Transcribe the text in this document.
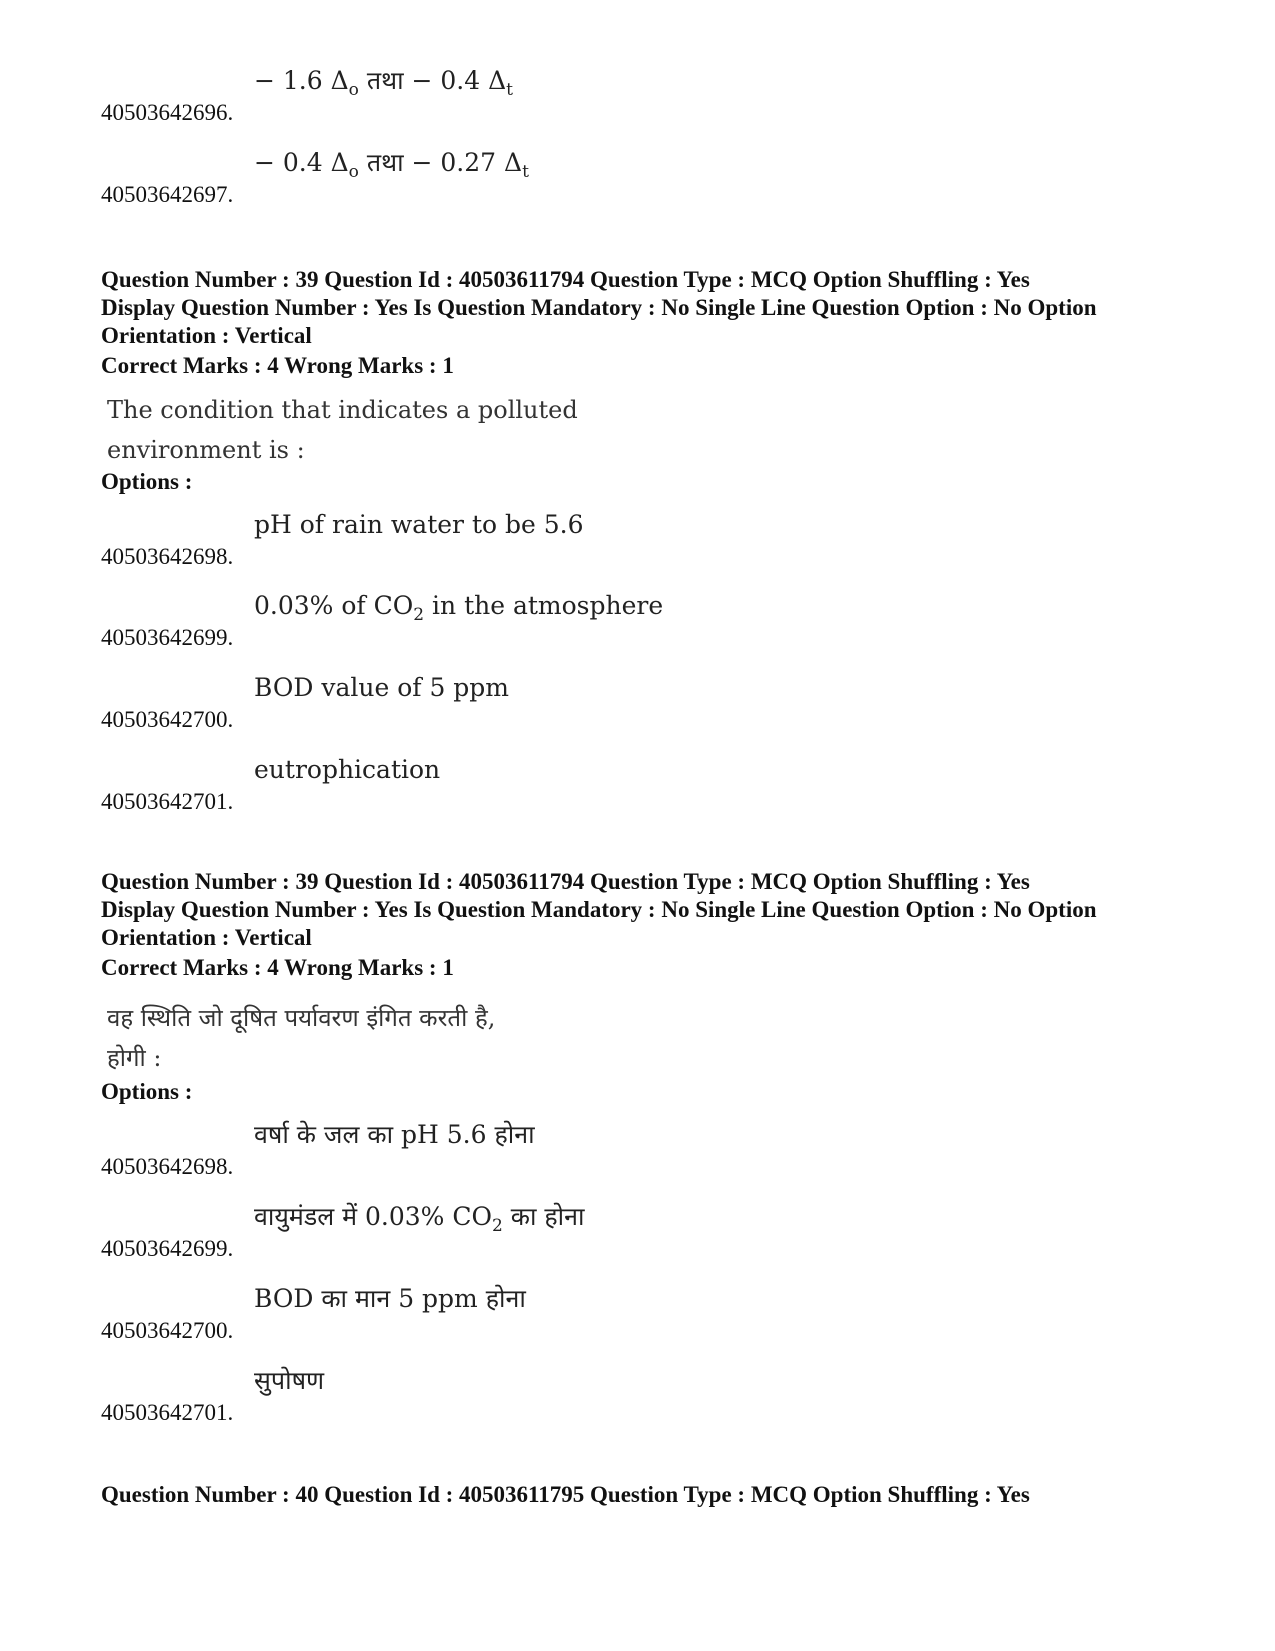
− 1.6 $\Delta_o$ तथा − 0.4 $\Delta_t$
40503642696.
− 0.4 $\Delta_o$ तथा − 0.27 $\Delta_t$
40503642697.
Question Number : 39 Question Id : 40503611794 Question Type : MCQ Option Shuffling : Yes
Display Question Number : Yes Is Question Mandatory : No Single Line Question Option : No Option
Orientation : Vertical
Correct Marks : 4 Wrong Marks : 1
The condition that indicates a polluted
environment is :
Options :
pH of rain water to be 5.6
40503642698.
0.03% of $CO_2$ in the atmosphere
40503642699.
BOD value of 5 ppm
40503642700.
eutrophication
40503642701.
Question Number : 39 Question Id : 40503611794 Question Type : MCQ Option Shuffling : Yes
Display Question Number : Yes Is Question Mandatory : No Single Line Question Option : No Option
Orientation : Vertical
Correct Marks : 4 Wrong Marks : 1
वह स्थिति जो दूषित पर्यावरण इंगित करती है,
होगी :
Options :
वर्षा के जल का pH 5.6 होना
40503642698.
वायुमंडल में 0.03% $CO_2$ का होना
40503642699.
BOD का मान 5 ppm होना
40503642700.
सुपोषण
40503642701.
Question Number : 40 Question Id : 40503611795 Question Type : MCQ Option Shuffling : Yes
